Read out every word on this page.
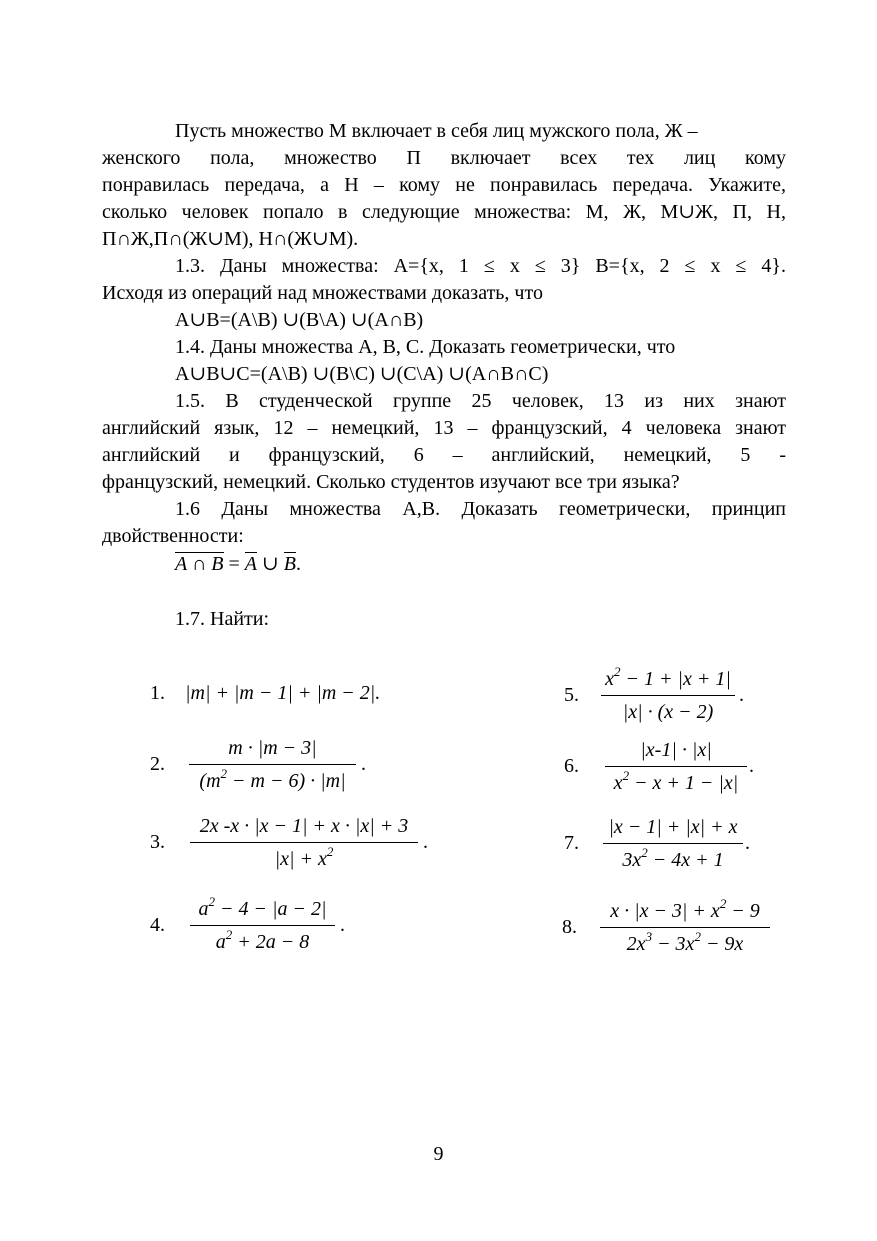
Пусть множество М включает в себя лиц мужского пола, Ж –
женского пола, множество П включает всех тех лиц кому
понравилась передача, а Н – кому не понравилась передача. Укажите,
сколько человек попало в следующие множества: М, Ж, М∪Ж, П, Н,
П∩Ж,П∩(Ж∪М), Н∩(Ж∪М).
1.3. Даны множества: А={x, 1 ≤ x ≤ 3} В={x, 2 ≤ x ≤ 4}.
Исходя из операций над множествами доказать, что
А∪В=(А\В) ∪(В\А) ∪(А∩В)
1.4. Даны множества А, В, С. Доказать геометрически, что
А∪В∪С=(А\В) ∪(В\С) ∪(С\А) ∪(А∩В∩С)
1.5. В студенческой группе 25 человек, 13 из них знают
английский язык, 12 – немецкий, 13 – французский, 4 человека знают
английский и французский, 6 – английский, немецкий, 5 -
французский, немецкий. Сколько студентов изучают все три языка?
1.6 Даны множества А,В. Доказать геометрически, принцип
двойственности:
A ∩ B = A ∪ B.
1.7. Найти:
1. |m| + |m − 1| + |m − 2|.
2.
m · |m − 3|
$(m^2 - m - 6) \cdot |m|$
.
3.
2x -x · |x − 1| + x · |x| + 3
$|x| + x^2$	.
4.
$a^2 - 4 - |a - 2|$
$a^2 + 2a - 8$
.
5.
$x^2 - 1 + |x + 1|$
|x| · (x − 2)
.
6.
|x-1| · |x|
$x^2 - x + 1 - |x|$
.
7.
|x − 1| + |x| + x
$3x^2 - 4x + 1$
.
8.
$x \cdot |x - 3| + x^2 - 9$
$2x^3 - 3x^2 - 9x$
9
